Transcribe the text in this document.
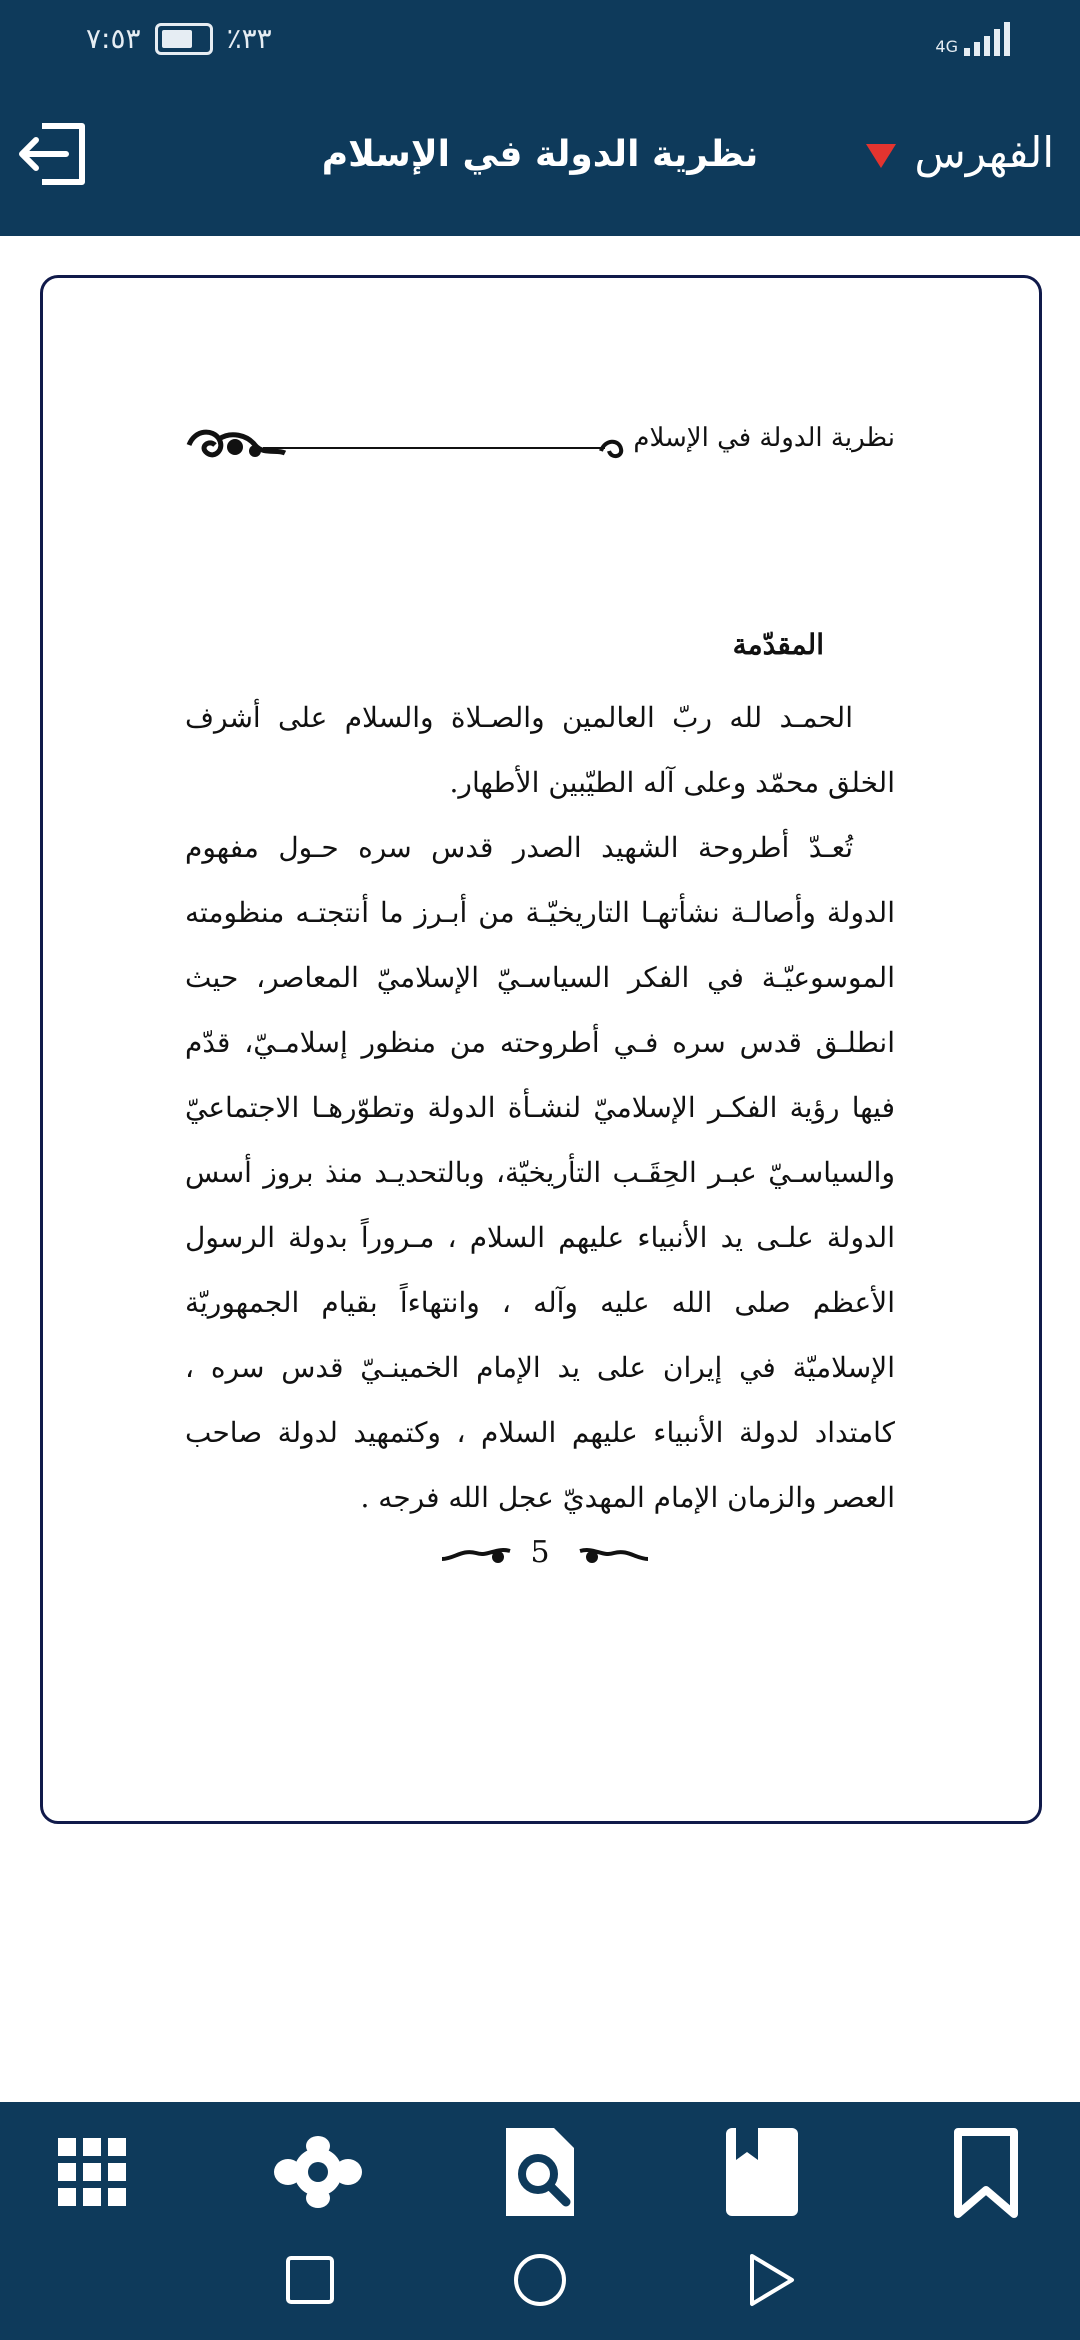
٧:٥٣	٪٣٣	4G
نظرية الدولة في الإسلام	الفهرس
نظرية الدولة في الإسلام
المقدّمة

الحمـد لله ربّ العالمين والصـلاة والسلام على أشرف الخلق محمّد وعلى آله الطيّبين الأطهار.

تُعـدّ أطروحة الشهيد الصدر قدس سره حـول مفهوم الدولة وأصالـة نشأتهـا التاريخيّـة من أبـرز ما أنتجتـه منظومته الموسوعيّـة في الفكر السياسـيّ الإسلاميّ المعاصر، حيث انطلـق قدس سره فـي أطروحته من منظور إسلامـيّ، قدّم فيها رؤية الفكـر الإسلاميّ لنشـأة الدولة وتطوّرهـا الاجتماعيّ والسياسـيّ عبـر الحِقَـب التأريخيّة، وبالتحديـد منذ بروز أسس الدولة علـى يد الأنبياء عليهم السلام ، مـروراً بدولة الرسول الأعظم صلى الله عليه وآله ، وانتهاءاً بقيام الجمهوريّة الإسلاميّة في إيران على يد الإمام الخمينـيّ قدس سره ، كامتداد لدولة الأنبياء عليهم السلام ، وكتمهيد لدولة صاحب العصر والزمان الإمام المهديّ عجل الله فرجه .

5
